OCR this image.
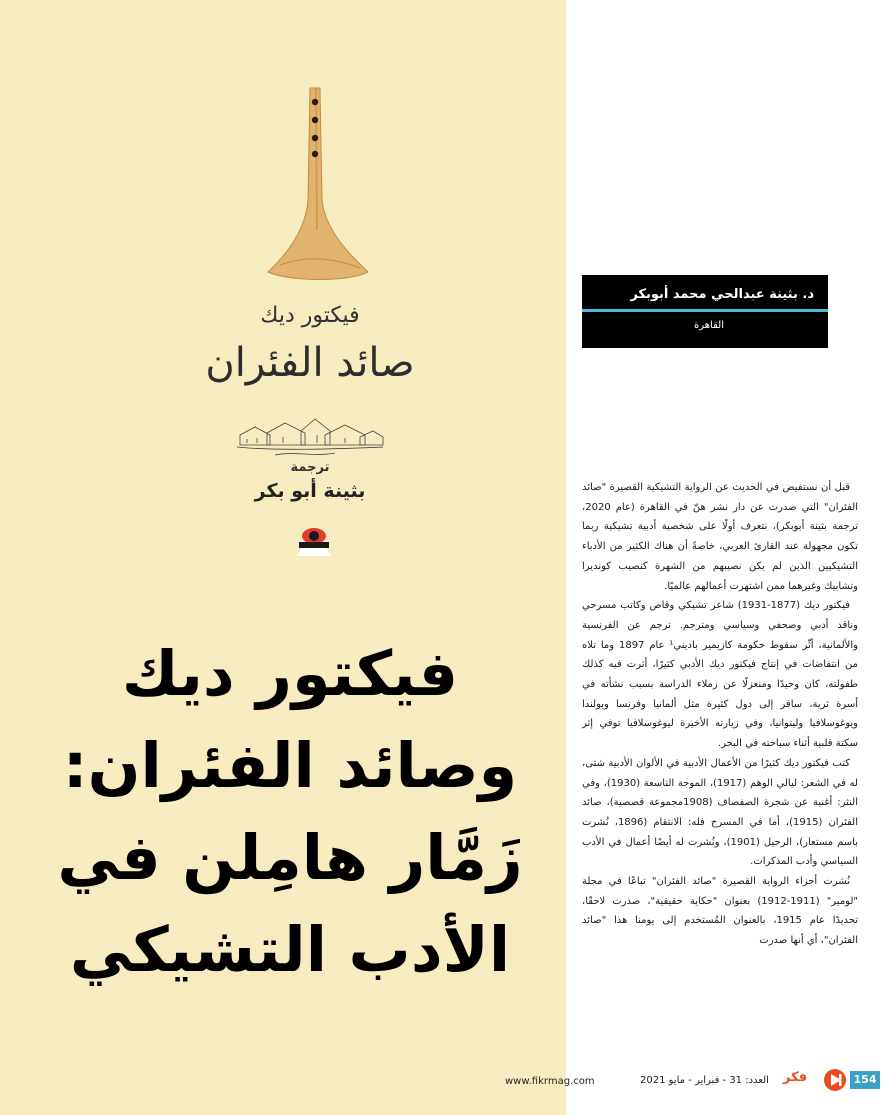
فيكتور ديك
صائد الفئران
ترجمة
بثينة أبو بكر
فيكتور ديك
وصائد الفئران:
زَمَّار هامِلن في
الأدب التشيكي
د. بثينة عبدالحي محمد أبوبكر
القاهرة

قبل أن نستفيض في الحديث عن الرواية التشيكية القصيرة "صائد الفئران" التي صدرت عن دار نشر هنّ في القاهرة (عام 2020، ترجمة بثينة أبوبكر)، نتعرف أولًا على شخصية أدبية تشيكية ربما تكون مجهولة عند القارئ العربي، خاصةً أن هناك الكثير من الأدباء التشيكيين الذين لم يكن نصيبهم من الشهرة كنصيب كونديرا وتشابيك وغيرهما ممن اشتهرت أعمالهم عالميًا.

فيكتور ديك (1877-1931) شاعر تشيكي وقاص وكاتب مسرحي وناقد أدبي وصحفي وسياسي ومترجم. ترجم عن الفرنسية والألمانية، أثّر سقوط حكومة كازيمير باديني¹ عام 1897 وما تلاه من انتفاضات في إنتاج فيكتور ديك الأدبي كثيرًا، أثرت فيه كذلك طفولته، كان وحيدًا ومنعزلًا عن زملاء الدراسة بسبب نشأته في أسرة ثرية، سافر إلى دول كثيرة مثل ألمانيا وفرنسا وبولندا ويوغوسلافيا وليتوانيا، وفي زيارته الأخيرة ليوغوسلافيا توفي إثر سكتة قلبية أثناء سباحته في البحر.

كتب فيكتور ديك كثيرًا من الأعمال الأدبية في الألوان الأدبية شتى، له في الشعر: ليالي الوهم (1917)، الموجة التاسعة (1930)، وفي النثر: أغنية عن شجرة الصفصاف (1908مجموعة قصصية)، صائد الفئران (1915)، أما في المسرح فله: الانتقام (1896، نُشرت باسم مستعار)، الرحيل (1901)، ونُشرت له أيضًا أعمال في الأدب السياسي وأدب المذكرات.

نُشرت أجزاء الرواية القصيرة "صائد الفئران" تباعًا في مجلة "لومير" (1911-1912) بعنوان "حكاية حقيقية"، صدرت لاحقًا، تحديدًا عام 1915، بالعنوان المُستخدم إلى يومنا هذا "صائد الفئران"، أي أنها صدرت

www.fikrmag.com	العدد: 31 - فبراير - مايو 2021 فكر	154
